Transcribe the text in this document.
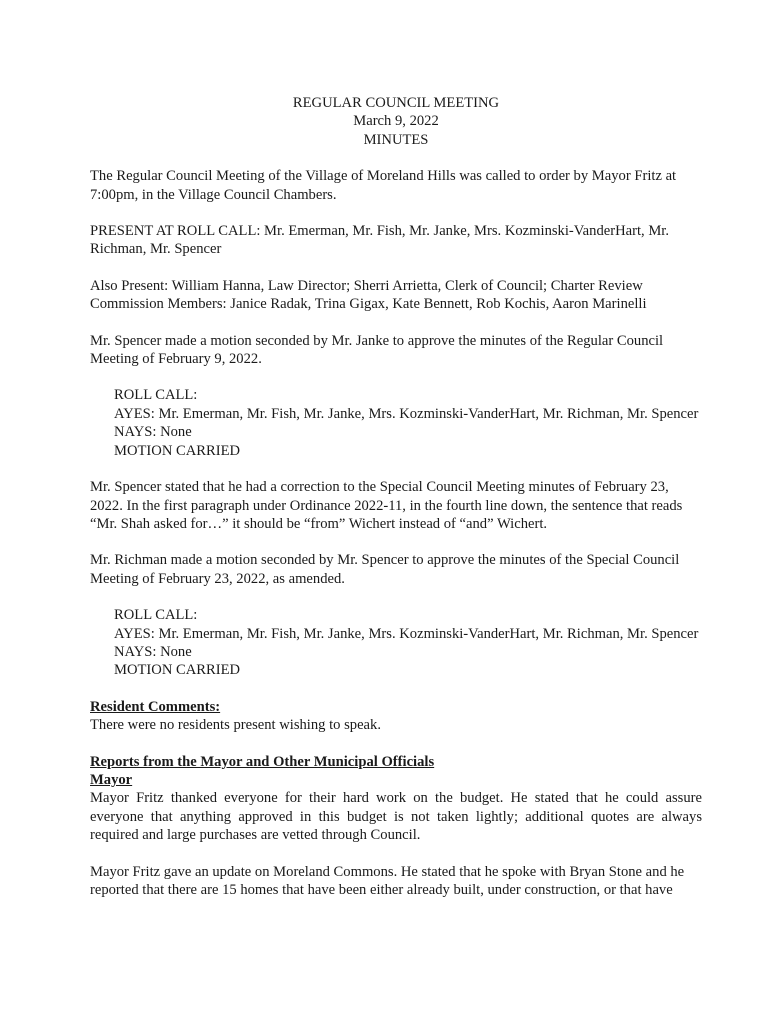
REGULAR COUNCIL MEETING
March 9, 2022
MINUTES

The Regular Council Meeting of the Village of Moreland Hills was called to order by Mayor Fritz at 7:00pm, in the Village Council Chambers.

PRESENT AT ROLL CALL: Mr. Emerman, Mr. Fish, Mr. Janke, Mrs. Kozminski-VanderHart, Mr. Richman, Mr. Spencer

Also Present: William Hanna, Law Director; Sherri Arrietta, Clerk of Council; Charter Review Commission Members: Janice Radak, Trina Gigax, Kate Bennett, Rob Kochis, Aaron Marinelli

Mr. Spencer made a motion seconded by Mr. Janke to approve the minutes of the Regular Council Meeting of February 9, 2022.

ROLL CALL:
AYES: Mr. Emerman, Mr. Fish, Mr. Janke, Mrs. Kozminski-VanderHart, Mr. Richman, Mr. Spencer
NAYS: None
MOTION CARRIED

Mr. Spencer stated that he had a correction to the Special Council Meeting minutes of February 23, 2022. In the first paragraph under Ordinance 2022-11, in the fourth line down, the sentence that reads “Mr. Shah asked for…” it should be “from” Wichert instead of “and” Wichert.

Mr. Richman made a motion seconded by Mr. Spencer to approve the minutes of the Special Council Meeting of February 23, 2022, as amended.

ROLL CALL:
AYES: Mr. Emerman, Mr. Fish, Mr. Janke, Mrs. Kozminski-VanderHart, Mr. Richman, Mr. Spencer
NAYS: None
MOTION CARRIED
Resident Comments:

There were no residents present wishing to speak.

Reports from the Mayor and Other Municipal Officials
Mayor

Mayor Fritz thanked everyone for their hard work on the budget. He stated that he could assure everyone that anything approved in this budget is not taken lightly; additional quotes are always required and large purchases are vetted through Council.

Mayor Fritz gave an update on Moreland Commons. He stated that he spoke with Bryan Stone and he reported that there are 15 homes that have been either already built, under construction, or that have
